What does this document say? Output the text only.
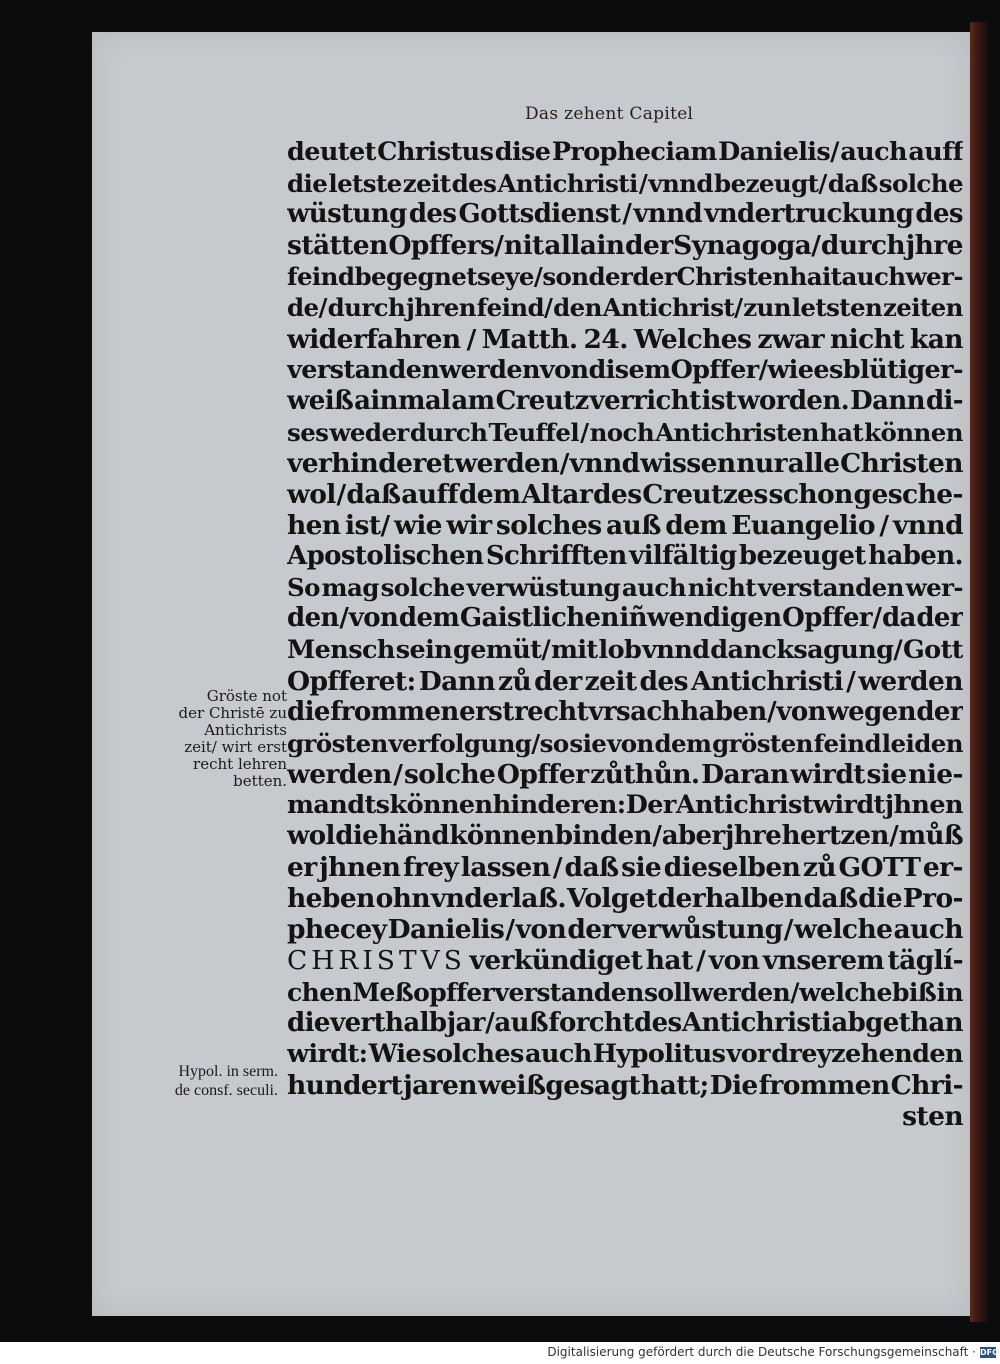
Das zehent Capitel
deutet Christus dise Propheciam Danielis/ auch auff
die letste zeit des Antichristi / vnnd bezeugt/ daß solche
wüstung des Gottsdienst / vnnd vndertruckung des
stätten Opffers/ nit allain der Synagoga/ durch jhre
feind begegnet seye / sonder der Christenhait auch wer-
de/ durch jhren feind/ den Antichrist/ zun letsten zeiten
widerfahren / Matth. 24. Welches zwar nicht kan
verstanden werden von disem Opffer/ wie es blütiger-
weiß ainmal am Creutz verricht ist worden. Dann di-
ses weder durch Teuffel / noch Antichristen hat können
verhinderet werden / vnnd wissen nur alle Christen
wol / daß auff dem Altar des Creutzes schon gesche-
hen ist/ wie wir solches auß dem Euangelio / vnnd
Apostolischen Schrifften vilfältig bezeuget haben.
So mag solche verwüstung auch nicht verstanden wer-
den / von dem Gaistlichen iñwendigen Opffer / da der
Mensch sein gemüt/ mit lob vnnd dancksagung/ Gott
Opfferet: Dann zů der zeit des Antichristi / werden
die frommen erst recht vrsach haben / von wegen der
grösten verfolgung/so sie von dem grösten feind leiden
werden / solche Opffer zůthůn. Daran wirdt sie nie-
mandts können hinderen: Der Antichrist wirdt jhnen
wol die händ können binden / aber jhre hertzen / můß
er jhnen frey lassen / daß sie dieselben zů GOTT er-
heben ohn vnderlaß. Volget derhalben daß die Pro-
phecey Danielis / von der verwůstung / welche auch
CHRISTVS verkündiget hat / von vnserem täglí-
chen Meßopffer verstanden soll werden / welche biß in
die verthalb jar / auß forcht des Antichristi abgethan
wirdt: Wie solches auch Hypolitus vor dreyzehenden
hundert jaren weißgesagt hatt; Die frommen Chri-
sten
Gröste not
der Christē zu
Antichrists
zeit/ wirt erst
recht lehren
betten.
Hypol. in serm.
de consf. seculi.
Digitalisierung gefördert durch die Deutsche Forschungsgemeinschaft · DFG
